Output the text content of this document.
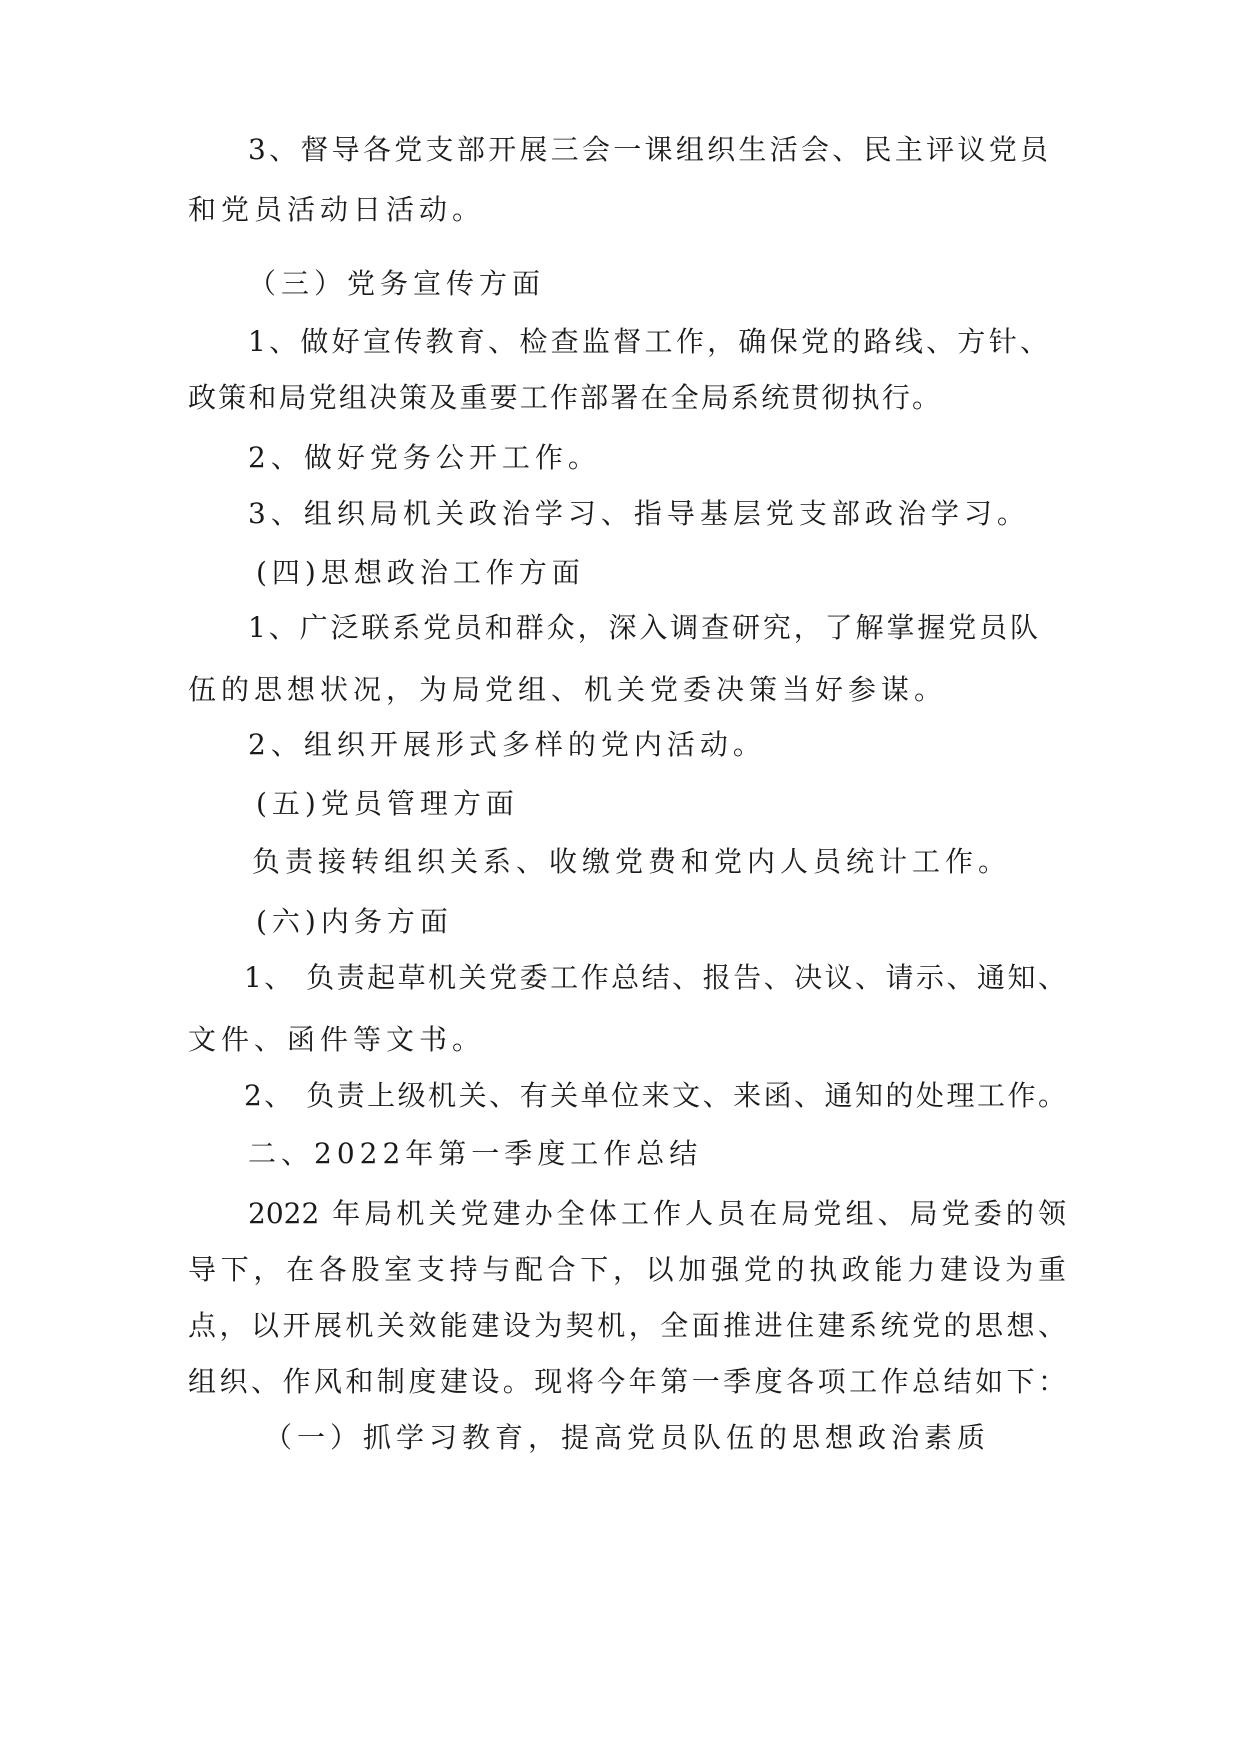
3、督导各党支部开展三会一课组织生活会、民主评议党员
和党员活动日活动。
（三）党务宣传方面
1、做好宣传教育、检查监督工作，确保党的路线、方针、
政策和局党组决策及重要工作部署在全局系统贯彻执行。
2、做好党务公开工作。
3、组织局机关政治学习、指导基层党支部政治学习。
(四)思想政治工作方面
1、广泛联系党员和群众，深入调查研究，了解掌握党员队
伍的思想状况，为局党组、机关党委决策当好参谋。
2、组织开展形式多样的党内活动。
(五)党员管理方面
负责接转组织关系、收缴党费和党内人员统计工作。
(六)内务方面
1、 负责起草机关党委工作总结、报告、决议、请示、通知、
文件、函件等文书。
2、 负责上级机关、有关单位来文、来函、通知的处理工作。
二、2022年第一季度工作总结
2022 年局机关党建办全体工作人员在局党组、局党委的领
导下，在各股室支持与配合下，以加强党的执政能力建设为重
点，以开展机关效能建设为契机，全面推进住建系统党的思想、
组织、作风和制度建设。现将今年第一季度各项工作总结如下：
（一）抓学习教育，提高党员队伍的思想政治素质
